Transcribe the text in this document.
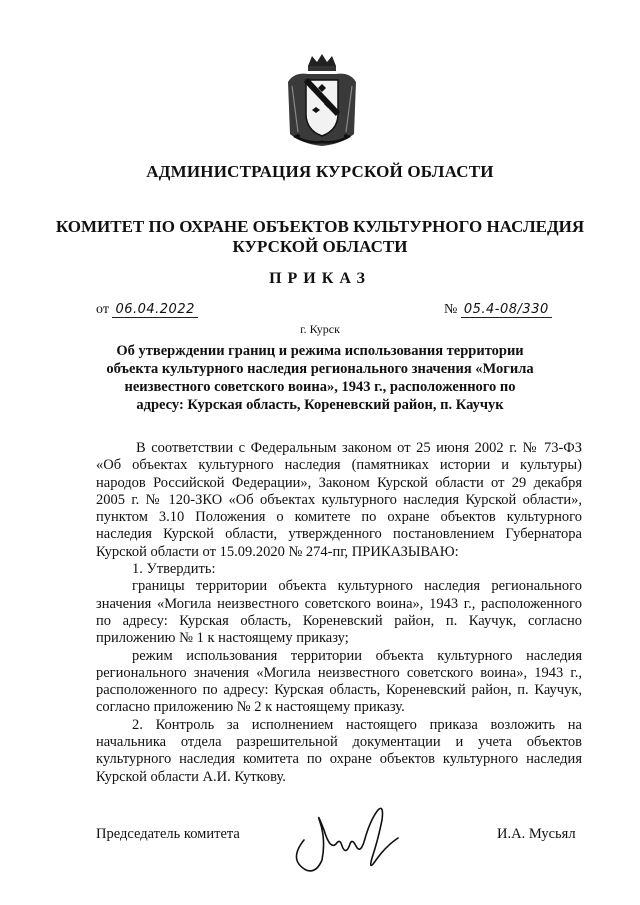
АДМИНИСТРАЦИЯ КУРСКОЙ ОБЛАСТИ
КОМИТЕТ ПО ОХРАНЕ ОБЪЕКТОВ КУЛЬТУРНОГО НАСЛЕДИЯ
КУРСКОЙ ОБЛАСТИ
ПРИКАЗ
от 06.04.2022	№ 05.4-08/330
г. Курск
Об утверждении границ и режима использования территории объекта культурного наследия регионального значения «Могила неизвестного советского воина», 1943 г., расположенного по адресу: Курская область, Кореневский район, п. Каучук

В соответствии с Федеральным законом от 25 июня 2002 г. № 73-ФЗ «Об объектах культурного наследия (памятниках истории и культуры) народов Российской Федерации», Законом Курской области от 29 декабря 2005 г. № 120-ЗКО «Об объектах культурного наследия Курской области», пунктом 3.10 Положения о комитете по охране объектов культурного наследия Курской области, утвержденного постановлением Губернатора Курской области от 15.09.2020 № 274-пг, ПРИКАЗЫВАЮ:

1. Утвердить:

границы территории объекта культурного наследия регионального значения «Могила неизвестного советского воина», 1943 г., расположенного по адресу: Курская область, Кореневский район, п. Каучук, согласно приложению № 1 к настоящему приказу;

режим использования территории объекта культурного наследия регионального значения «Могила неизвестного советского воина», 1943 г., расположенного по адресу: Курская область, Кореневский район, п. Каучук, согласно приложению № 2 к настоящему приказу.

2. Контроль за исполнением настоящего приказа возложить на начальника отдела разрешительной документации и учета объектов культурного наследия комитета по охране объектов культурного наследия Курской области А.И. Куткову.

Председатель комитета	И.А. Мусьял
